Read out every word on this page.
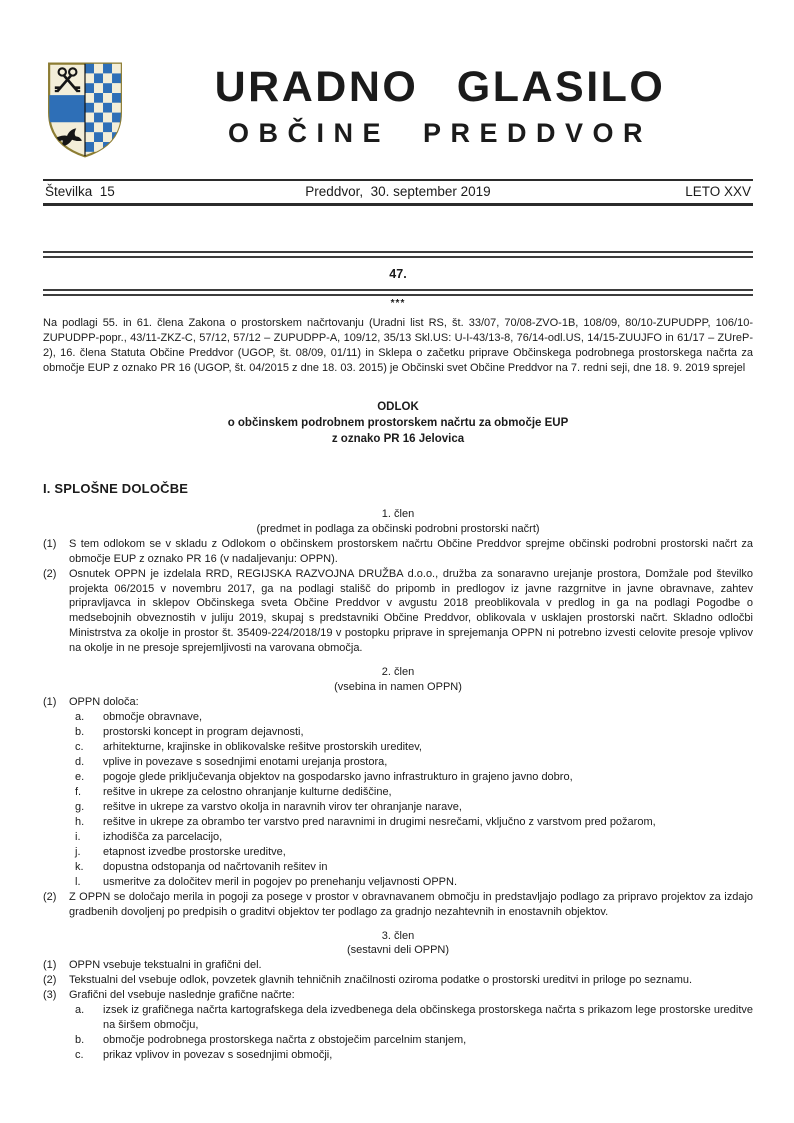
URADNO GLASILO
OBČINE PREDDVOR
Številka  15	Preddvor,  30. september 2019	LETO XXV
47.
***

Na podlagi 55. in 61. člena Zakona o prostorskem načrtovanju (Uradni list RS, št. 33/07, 70/08-ZVO-1B, 108/09, 80/10-ZUPUDPP, 106/10-ZUPUDPP-popr., 43/11-ZKZ-C, 57/12, 57/12 – ZUPUDPP-A, 109/12, 35/13 Skl.US: U-I-43/13-8, 76/14-odl.US, 14/15-ZUUJFO in 61/17 – ZUreP-2), 16. člena Statuta Občine Preddvor (UGOP, št. 08/09, 01/11) in Sklepa o začetku priprave Občinskega podrobnega prostorskega načrta za območje EUP z oznako PR 16 (UGOP, št. 04/2015 z dne 18. 03. 2015) je Občinski svet Občine Preddvor na 7. redni seji, dne 18. 9. 2019 sprejel

ODLOK
o občinskem podrobnem prostorskem načrtu za območje EUP
z oznako PR 16 Jelovica
I. SPLOŠNE DOLOČBE
1. člen
(predmet in podlaga za občinski podrobni prostorski načrt)
(1)	S tem odlokom se v skladu z Odlokom o občinskem prostorskem načrtu Občine Preddvor sprejme občinski podrobni prostorski načrt za območje EUP z oznako PR 16 (v nadaljevanju: OPPN).
(2)	Osnutek OPPN je izdelala RRD, REGIJSKA RAZVOJNA DRUŽBA d.o.o., družba za sonaravno urejanje prostora, Domžale pod številko projekta 06/2015 v novembru 2017, ga na podlagi stališč do pripomb in predlogov iz javne razgrnitve in javne obravnave, zahtev pripravljavca in sklepov Občinskega sveta Občine Preddvor v avgustu 2018 preoblikovala v predlog in ga na podlagi Pogodbe o medsebojnih obveznostih v juliju 2019, skupaj s predstavniki Občine Preddvor, oblikovala v usklajen prostorski načrt. Skladno odločbi Ministrstva za okolje in prostor št. 35409-224/2018/19 v postopku priprave in sprejemanja OPPN ni potrebno izvesti celovite presoje vplivov na okolje in ne presoje sprejemljivosti na varovana območja.
2. člen
(vsebina in namen OPPN)
(1)	OPPN določa:
a.	območje obravnave,
b.	prostorski koncept in program dejavnosti,
c.	arhitekturne, krajinske in oblikovalske rešitve prostorskih ureditev,
d.	vplive in povezave s sosednjimi enotami urejanja prostora,
e.	pogoje glede priključevanja objektov na gospodarsko javno infrastrukturo in grajeno javno dobro,
f.	rešitve in ukrepe za celostno ohranjanje kulturne dediščine,
g.	rešitve in ukrepe za varstvo okolja in naravnih virov ter ohranjanje narave,
h.	rešitve in ukrepe za obrambo ter varstvo pred naravnimi in drugimi nesrečami, vključno z varstvom pred požarom,
i.	izhodišča za parcelacijo,
j.	etapnost izvedbe prostorske ureditve,
k.	dopustna odstopanja od načrtovanih rešitev in
l.	usmeritve za določitev meril in pogojev po prenehanju veljavnosti OPPN.
(2)	Z OPPN se določajo merila in pogoji za posege v prostor v obravnavanem območju in predstavljajo podlago za pripravo projektov za izdajo gradbenih dovoljenj po predpisih o graditvi objektov ter podlago za gradnjo nezahtevnih in enostavnih objektov.
3. člen
(sestavni deli OPPN)
(1)	OPPN vsebuje tekstualni in grafični del.
(2)	Tekstualni del vsebuje odlok, povzetek glavnih tehničnih značilnosti oziroma podatke o prostorski ureditvi in priloge po seznamu.
(3)	Grafični del vsebuje naslednje grafične načrte:
a.	izsek iz grafičnega načrta kartografskega dela izvedbenega dela občinskega prostorskega načrta s prikazom lege prostorske ureditve na širšem območju,
b.	območje podrobnega prostorskega načrta z obstoječim parcelnim stanjem,
c.	prikaz vplivov in povezav s sosednjimi območji,
